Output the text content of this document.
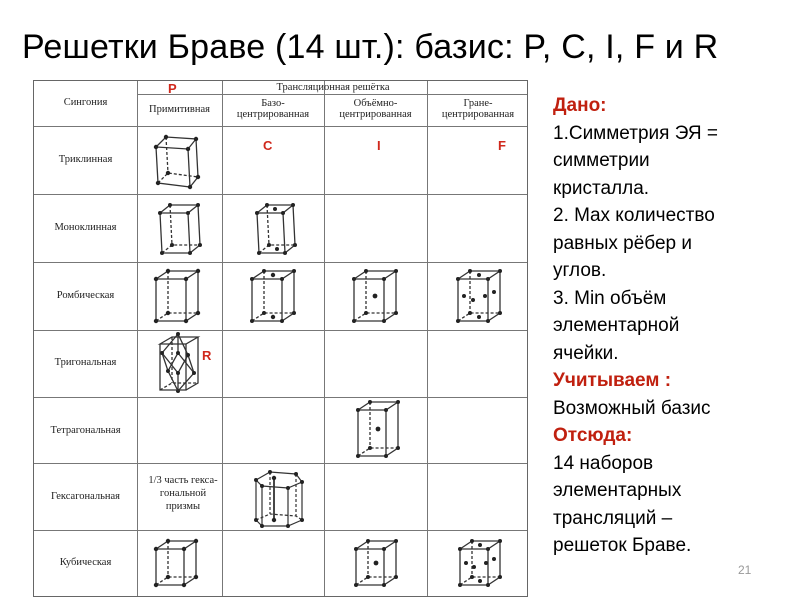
Решетки Браве (14 шт.): базис: P, C, I, F и R
Сингония
Трансляционная решётка
Примитивная
Базо-
центрированная
Объёмно-
центрированная
Гране-
центрированная
Триклинная
Моноклинная
Ромбическая
Тригональная
Тетрагональная
Гексагональная
Кубическая
1/3 часть гекса-
гональной
призмы
P
C	I	F
R
Дано:
1.Симметрия ЭЯ =
симметрии
кристалла.
2. Max количество
равных рёбер и
углов.
3. Min объём
элементарной
ячейки.
Учитываем :
Возможный базис
Отсюда:
14 наборов
элементарных
трансляций –
решеток Браве.
21
